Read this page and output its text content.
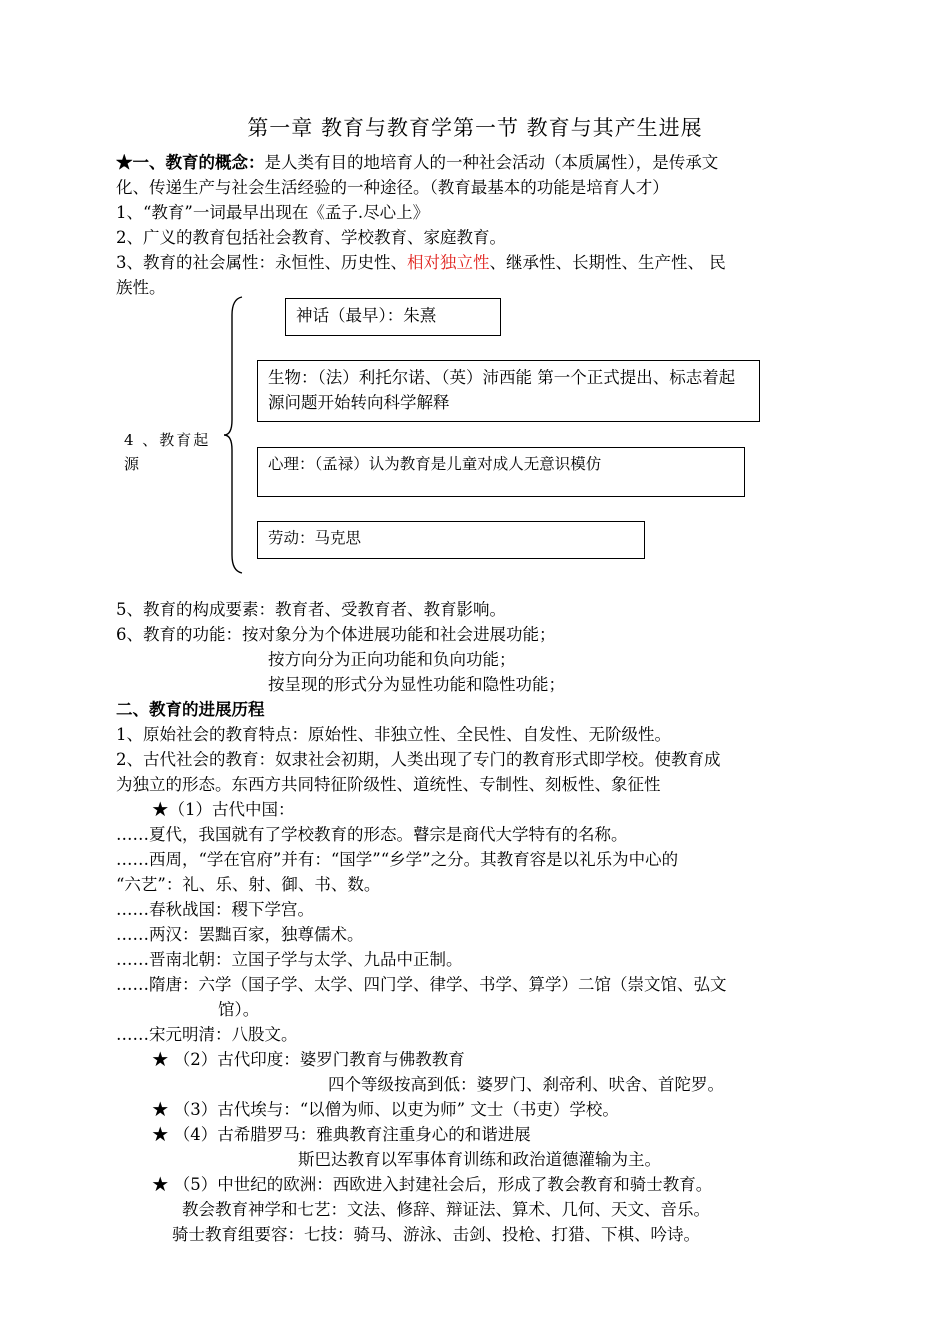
第一章 教育与教育学第一节 教育与其产生进展
★一、教育的概念：是人类有目的地培育人的一种社会活动（本质属性），是传承文
化、传递生产与社会生活经验的一种途径。（教育最基本的功能是培育人才）
1、“教育”一词最早出现在《孟子.尽心上》
2、广义的教育包括社会教育、学校教育、家庭教育。
3、教育的社会属性：永恒性、历史性、相对独立性、继承性、长期性、生产性、 民
族性。
4 、教育起源
神话（最早）：朱熹
生物：（法）利托尔诺、（英）沛西能 第一个正式提出、标志着起源问题开始转向科学解释
心理：（孟禄）认为教育是儿童对成人无意识模仿
劳动：马克思
5、教育的构成要素：教育者、受教育者、教育影响。
6、教育的功能：按对象分为个体进展功能和社会进展功能；
按方向分为正向功能和负向功能；
按呈现的形式分为显性功能和隐性功能；
二、教育的进展历程
1、原始社会的教育特点：原始性、非独立性、全民性、自发性、无阶级性。
2、古代社会的教育：奴隶社会初期，人类出现了专门的教育形式即学校。使教育成
为独立的形态。东西方共同特征阶级性、道统性、专制性、刻板性、象征性
★（1）古代中国：
……夏代，我国就有了学校教育的形态。瞽宗是商代大学特有的名称。
……西周，“学在官府”并有：“国学”“乡学”之分。其教育容是以礼乐为中心的
“六艺”：礼、乐、射、御、书、数。
……春秋战国：稷下学宫。
……两汉：罢黜百家，独尊儒术。
……晋南北朝：立国子学与太学、九品中正制。
……隋唐：六学（国子学、太学、四门学、律学、书学、算学）二馆（崇文馆、弘文
馆）。
……宋元明清：八股文。
★ （2）古代印度：婆罗门教育与佛教教育
四个等级按高到低：婆罗门、刹帝利、吠舍、首陀罗。
★ （3）古代埃与：“以僧为师、以吏为师” 文士（书吏）学校。
★ （4）古希腊罗马：雅典教育注重身心的和谐进展
斯巴达教育以军事体育训练和政治道德灌输为主。
★ （5）中世纪的欧洲：西欧进入封建社会后，形成了教会教育和骑士教育。
教会教育神学和七艺：文法、修辞、辩证法、算术、几何、天文、音乐。
骑士教育组要容：七技：骑马、游泳、击剑、投枪、打猎、下棋、吟诗。
